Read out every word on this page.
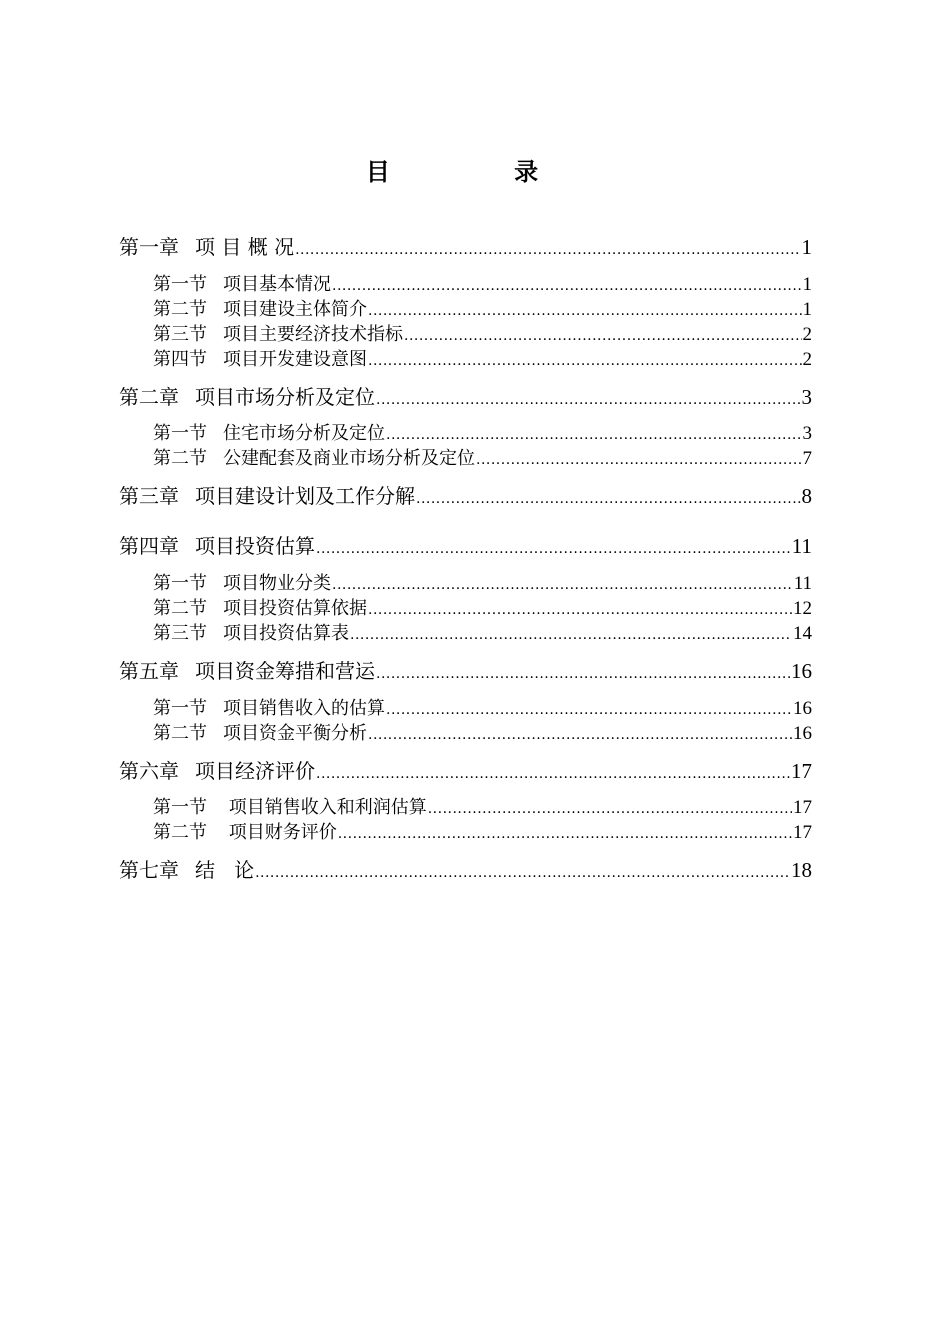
目 录
第一章 项 目 概 况 .....	1
第一节 项目基本情况 .....	1
第二节 项目建设主体简介 .....	1
第三节 项目主要经济技术指标 .....	2
第四节 项目开发建设意图 .....	2
第二章 项目市场分析及定位 .....	3
第一节 住宅市场分析及定位 .....	3
第二节 公建配套及商业市场分析及定位 .....	7
第三章 项目建设计划及工作分解 .....	8
第四章 项目投资估算 .....	11
第一节 项目物业分类 .....	11
第二节 项目投资估算依据 .....	12
第三节 项目投资估算表 .....	14
第五章 项目资金筹措和营运 .....	16
第一节 项目销售收入的估算 .....	16
第二节 项目资金平衡分析 .....	16
第六章 项目经济评价 .....	17
第一节 项目销售收入和利润估算 .....	17
第二节 项目财务评价 .....	17
第七章 结   论 .....	18
